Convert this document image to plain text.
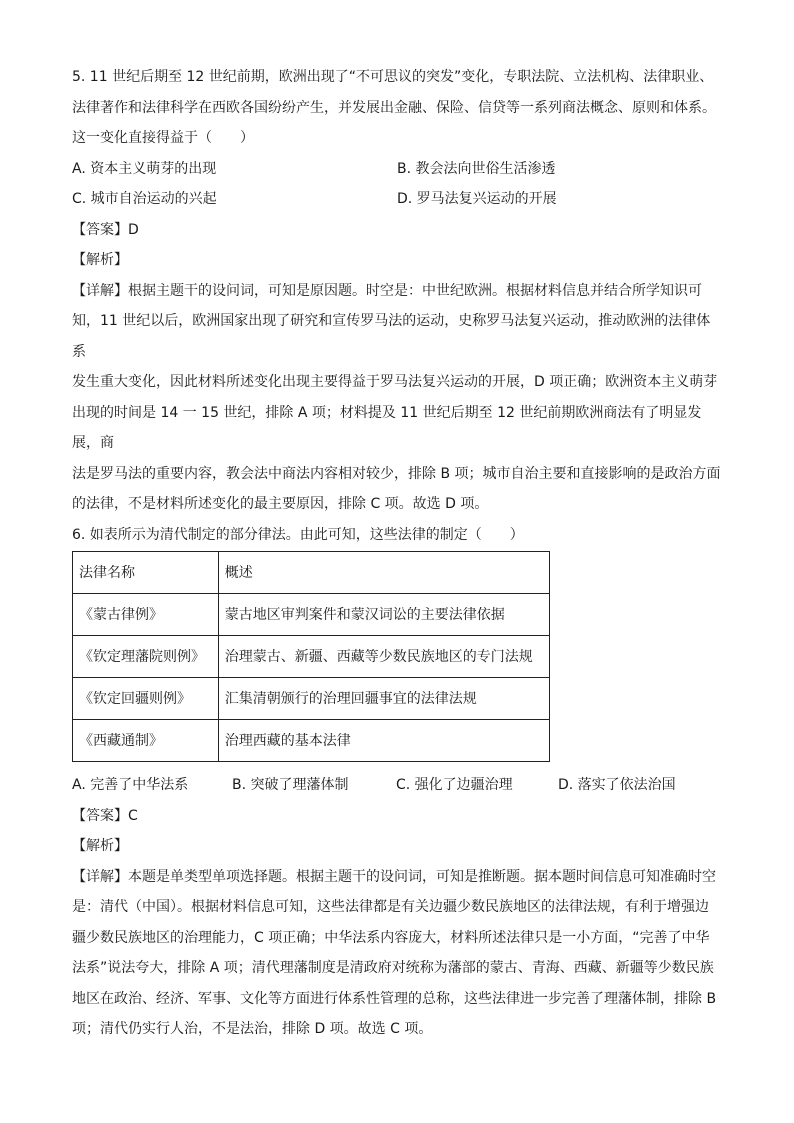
5. 11 世纪后期至 12 世纪前期，欧洲出现了“不可思议的突发”变化，专职法院、立法机构、法律职业、

法律著作和法律科学在西欧各国纷纷产生，并发展出金融、保险、信贷等一系列商法概念、原则和体系。

这一变化直接得益于（　　）

A. 资本主义萌芽的出现	B. 教会法向世俗生活渗透
C. 城市自治运动的兴起	D. 罗马法复兴运动的开展

【答案】D

【解析】

【详解】根据主题干的设问词，可知是原因题。时空是：中世纪欧洲。根据材料信息并结合所学知识可

知，11 世纪以后，欧洲国家出现了研究和宣传罗马法的运动，史称罗马法复兴运动，推动欧洲的法律体系

发生重大变化，因此材料所述变化出现主要得益于罗马法复兴运动的开展，D 项正确；欧洲资本主义萌芽

出现的时间是 14 一 15 世纪，排除 A 项；材料提及 11 世纪后期至 12 世纪前期欧洲商法有了明显发展，商

法是罗马法的重要内容，教会法中商法内容相对较少，排除 B 项；城市自治主要和直接影响的是政治方面

的法律，不是材料所述变化的最主要原因，排除 C 项。故选 D 项。

6. 如表所示为清代制定的部分律法。由此可知，这些法律的制定（　　）

法律名称	概述
《蒙古律例》	蒙古地区审判案件和蒙汉词讼的主要法律依据
《钦定理藩院则例》	治理蒙古、新疆、西藏等少数民族地区的专门法规
《钦定回疆则例》	汇集清朝颁行的治理回疆事宜的法律法规
《西藏通制》	治理西藏的基本法律
A. 完善了中华法系	B. 突破了理藩体制	C. 强化了边疆治理	D. 落实了依法治国

【答案】C

【解析】

【详解】本题是单类型单项选择题。根据主题干的设问词，可知是推断题。据本题时间信息可知准确时空

是：清代（中国）。根据材料信息可知，这些法律都是有关边疆少数民族地区的法律法规，有利于增强边

疆少数民族地区的治理能力，C 项正确；中华法系内容庞大，材料所述法律只是一小方面，“完善了中华

法系”说法夸大，排除 A 项；清代理藩制度是清政府对统称为藩部的蒙古、青海、西藏、新疆等少数民族

地区在政治、经济、军事、文化等方面进行体系性管理的总称，这些法律进一步完善了理藩体制，排除 B

项；清代仍实行人治，不是法治，排除 D 项。故选 C 项。
